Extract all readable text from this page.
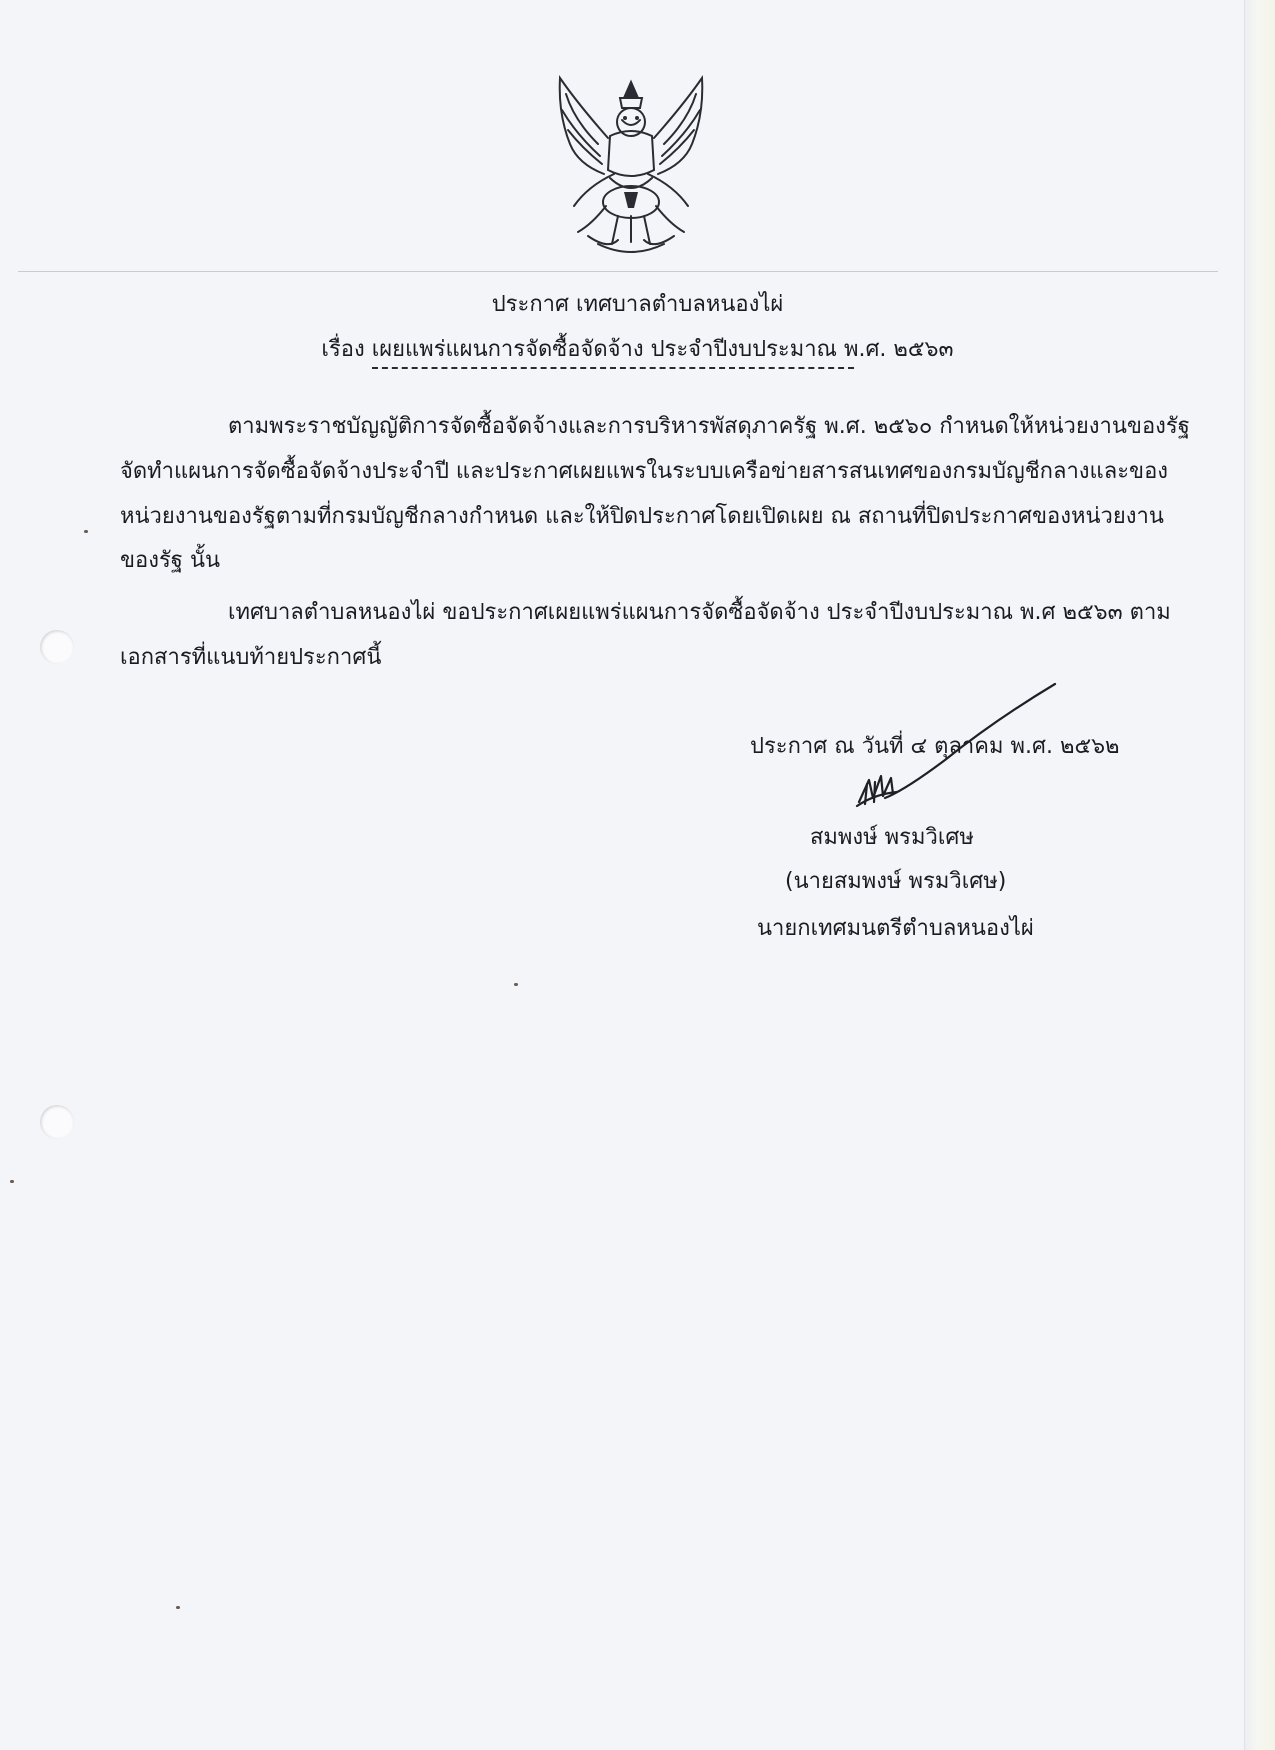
ประกาศ เทศบาลตำบลหนองไผ่
เรื่อง เผยแพร่แผนการจัดซื้อจัดจ้าง ประจำปีงบประมาณ พ.ศ. ๒๕๖๓
ตามพระราชบัญญัติการจัดซื้อจัดจ้างและการบริหารพัสดุภาครัฐ พ.ศ. ๒๕๖๐ กำหนดให้หน่วยงานของรัฐ
จัดทำแผนการจัดซื้อจัดจ้างประจำปี และประกาศเผยแพรในระบบเครือข่ายสารสนเทศของกรมบัญชีกลางและของ
หน่วยงานของรัฐตามที่กรมบัญชีกลางกำหนด และให้ปิดประกาศโดยเปิดเผย ณ สถานที่ปิดประกาศของหน่วยงาน
ของรัฐ นั้น
เทศบาลตำบลหนองไผ่ ขอประกาศเผยแพร่แผนการจัดซื้อจัดจ้าง ประจำปีงบประมาณ พ.ศ ๒๕๖๓ ตาม
เอกสารที่แนบท้ายประกาศนี้
ประกาศ ณ วันที่ ๔ ตุลาคม พ.ศ. ๒๕๖๒
สมพงษ์ พรมวิเศษ
(นายสมพงษ์ พรมวิเศษ)
นายกเทศมนตรีตำบลหนองไผ่
